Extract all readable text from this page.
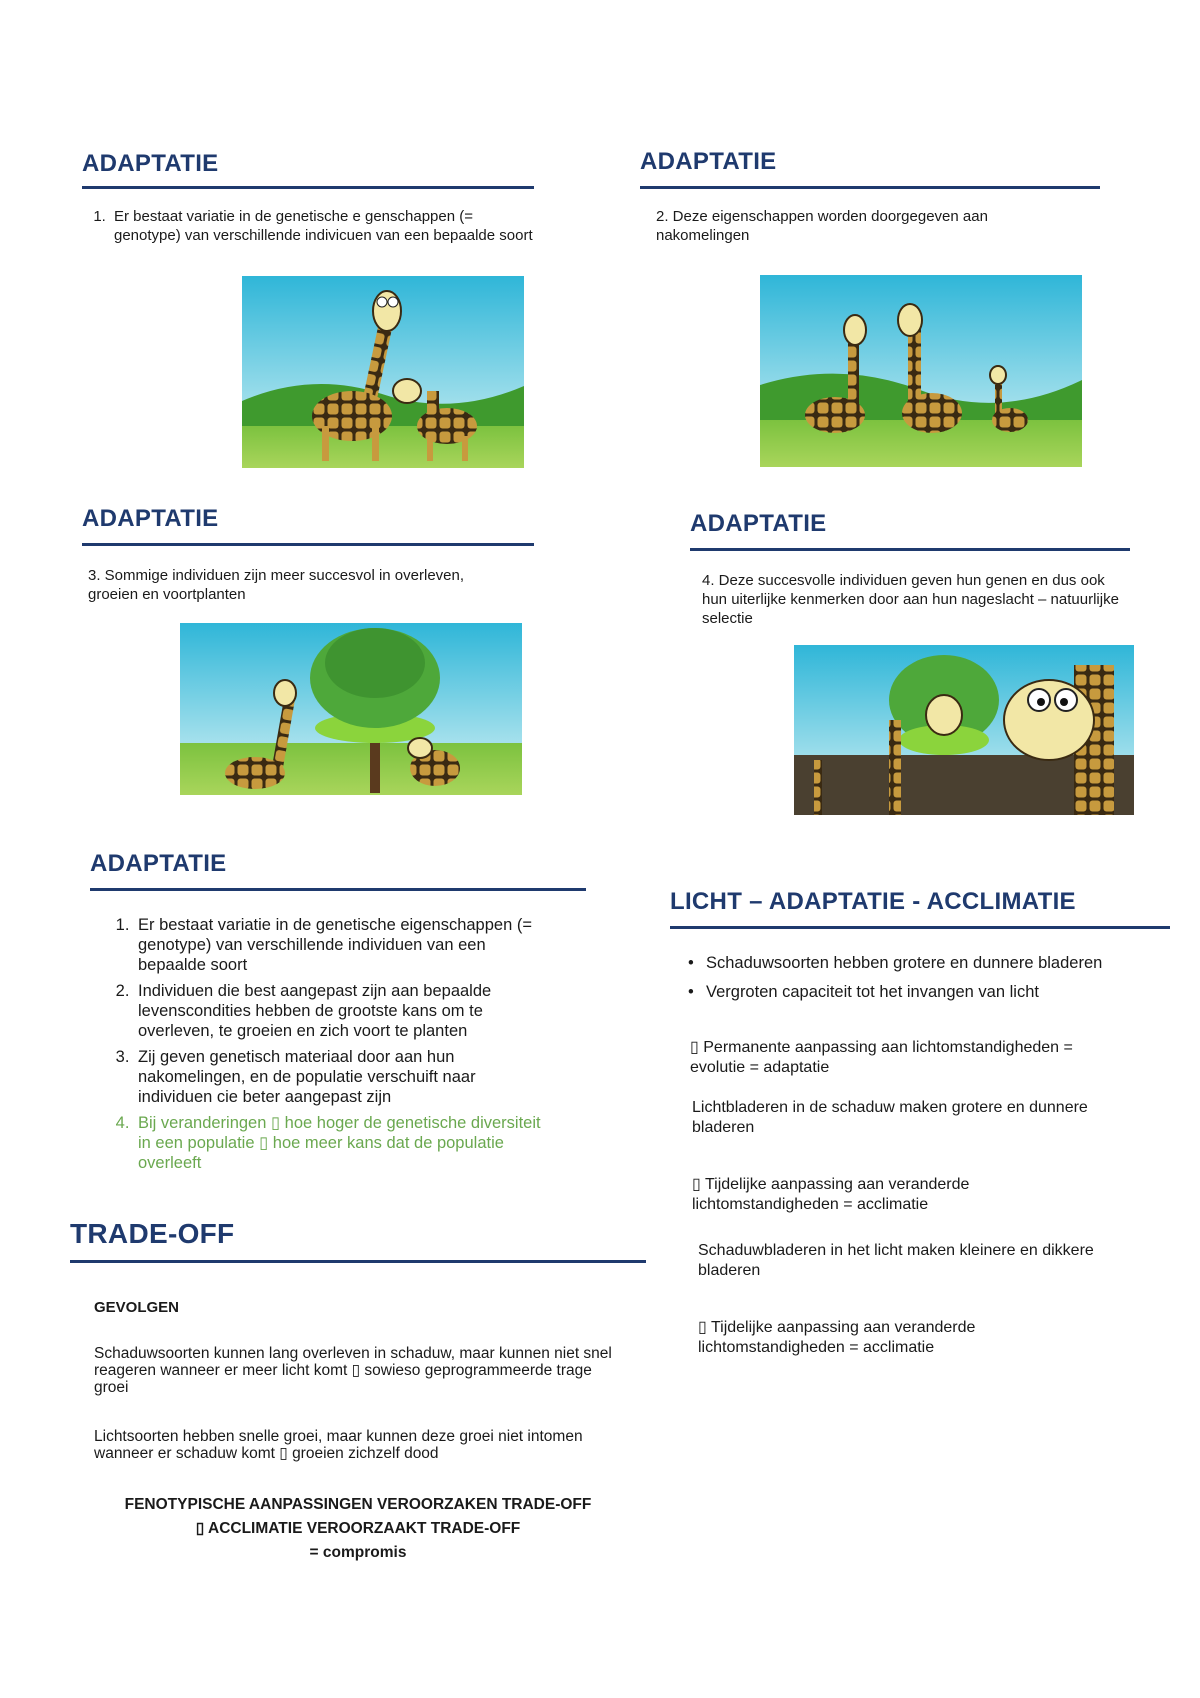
ADAPTATIE
1. Er bestaat variatie in de genetische e genschappen (= genotype) van verschillende indivicuen van een bepaalde soort
ADAPTATIE
2. Deze eigenschappen worden doorgegeven aan nakomelingen
ADAPTATIE
3. Sommige individuen zijn meer succesvol in overleven, groeien en voortplanten
ADAPTATIE
4. Deze succesvolle individuen geven hun genen en dus ook hun uiterlijke kenmerken door aan hun nageslacht – natuurlijke selectie
ADAPTATIE
1. Er bestaat variatie in de genetische eigenschappen (= genotype) van verschillende individuen van een bepaalde soort
2. Individuen die best aangepast zijn aan bepaalde levenscondities hebben de grootste kans om te overleven, te groeien en zich voort te planten
3. Zij geven genetisch materiaal door aan hun nakomelingen, en de populatie verschuift naar individuen cie beter aangepast zijn
4. Bij veranderingen ▯ hoe hoger de genetische diversiteit in een populatie ▯ hoe meer kans dat de populatie overleeft
LICHT – ADAPTATIE - ACCLIMATIE
• Schaduwsoorten hebben grotere en dunnere bladeren
• Vergroten capaciteit tot het invangen van licht
▯ Permanente aanpassing aan lichtomstandigheden = evolutie = adaptatie
Lichtbladeren in de schaduw maken grotere en dunnere bladeren
▯ Tijdelijke aanpassing aan veranderde lichtomstandigheden = acclimatie
Schaduwbladeren in het licht maken kleinere en dikkere bladeren
▯ Tijdelijke aanpassing aan veranderde lichtomstandigheden = acclimatie
TRADE-OFF
GEVOLGEN
Schaduwsoorten kunnen lang overleven in schaduw, maar kunnen niet snel reageren wanneer er meer licht komt ▯ sowieso geprogrammeerde trage groei
Lichtsoorten hebben snelle groei, maar kunnen deze groei niet intomen wanneer er schaduw komt ▯ groeien zichzelf dood
FENOTYPISCHE AANPASSINGEN VEROORZAKEN TRADE-OFF
▯ ACCLIMATIE VEROORZAAKT TRADE-OFF
= compromis
